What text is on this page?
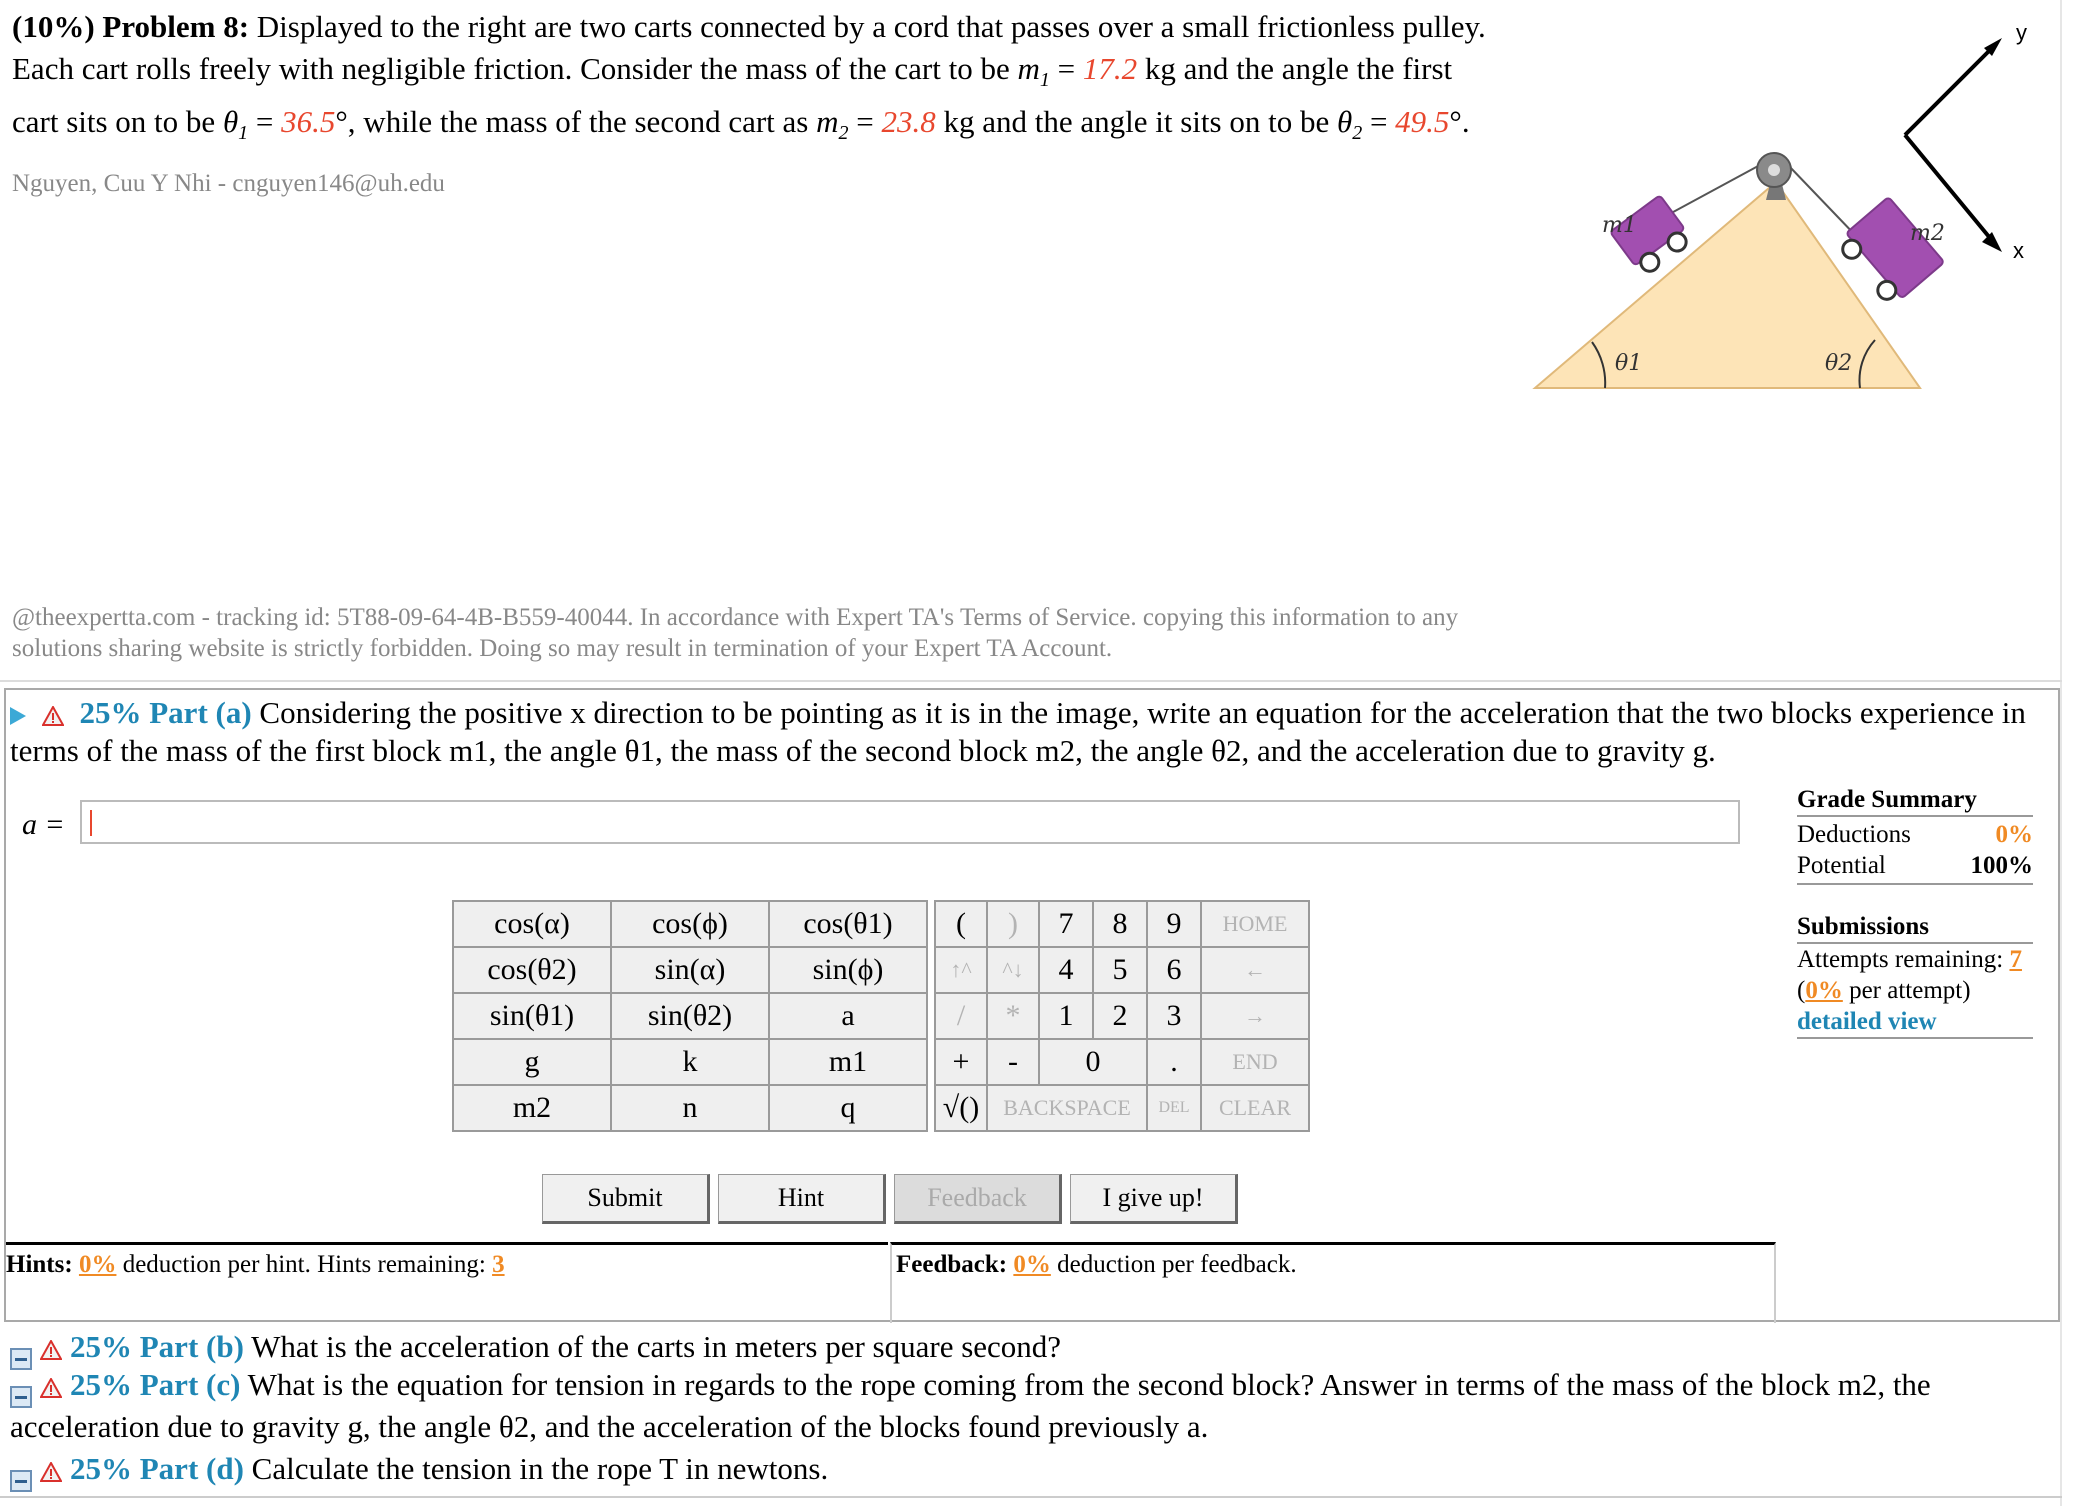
(10%) Problem 8: Displayed to the right are two carts connected by a cord that passes over a small frictionless pulley. Each cart rolls freely with negligible friction. Consider the mass of the cart to be $m_1 = 17.2$ kg and the angle the first cart sits on to be $\theta_1 = 36.5^\circ$, while the mass of the second cart as $m_2 = 23.8$ kg and the angle it sits on to be $\theta_2 = 49.5^\circ$.
Nguyen, Cuu Y Nhi - cnguyen146@uh.edu
m1	m2
θ1	θ2
y
x
@theexpertta.com - tracking id: 5T88-09-64-4B-B559-40044. In accordance with Expert TA's Terms of Service. copying this information to any solutions sharing website is strictly forbidden. Doing so may result in termination of your Expert TA Account.

25% Part (a) Considering the positive x direction to be pointing as it is in the image, write an equation for the acceleration that the two blocks experience in terms of the mass of the first block m1, the angle θ1, the mass of the second block m2, the angle θ2, and the acceleration due to gravity g.
a =
cos(α)	cos(ϕ)	cos(θ1)
cos(θ2)	sin(α)	sin(ϕ)
sin(θ1)	sin(θ2)	a
g	k	m1
m2	n	q
(	)	7	8	9	HOME
↑^	^↓	4	5	6	←
/	*	1	2	3	→
+	-	0		.	END
√()	BACKSPACE			DEL	CLEAR
Submit	Hint	Feedback	I give up!
Grade Summary
Deductions	0%
Potential	100%
Submissions
Attempts remaining: 7
(0% per attempt)
detailed view
Hints: 0% deduction per hint. Hints remaining: 3	Feedback: 0% deduction per feedback.
25% Part (b) What is the acceleration of the carts in meters per square second?
25% Part (c) What is the equation for tension in regards to the rope coming from the second block? Answer in terms of the mass of the block m2, the acceleration due to gravity g, the angle θ2, and the acceleration of the blocks found previously a.
25% Part (d) Calculate the tension in the rope T in newtons.
